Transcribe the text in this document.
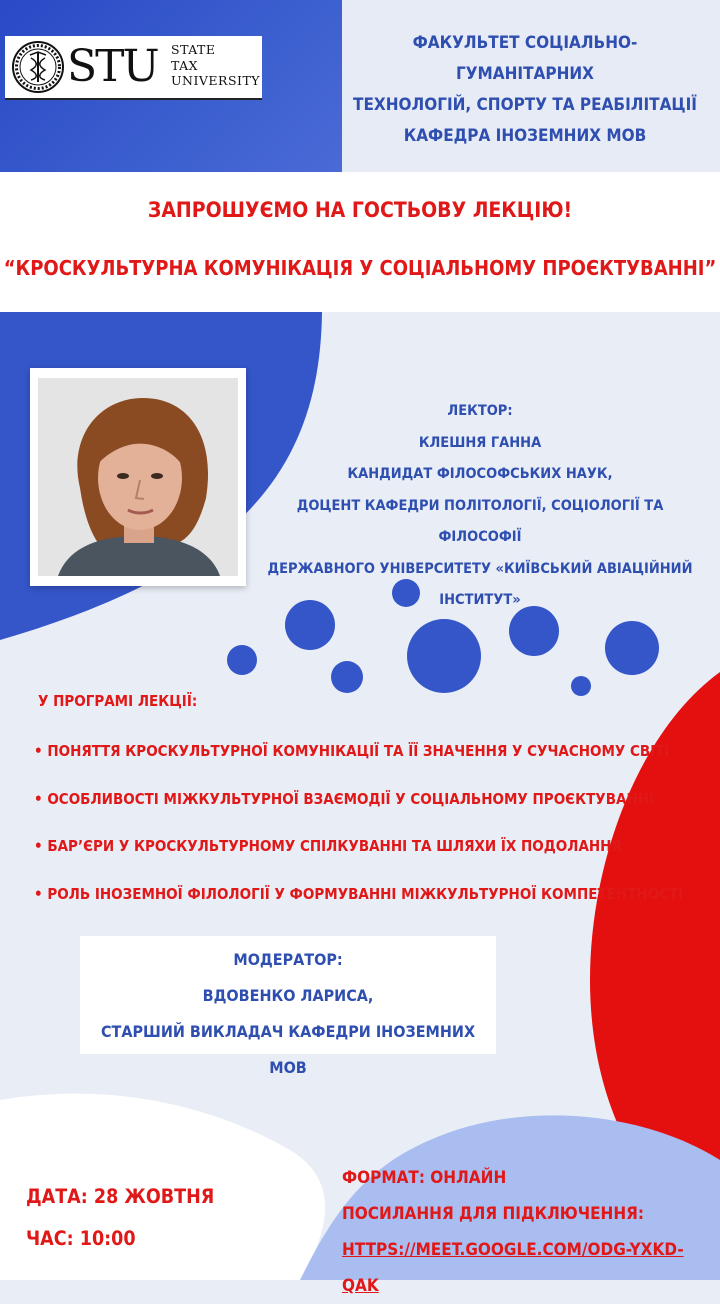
STU STATE
TAX
UNIVERSITY
ФАКУЛЬТЕТ СОЦІАЛЬНО-ГУМАНІТАРНИХ
ТЕХНОЛОГІЙ, СПОРТУ ТА РЕАБІЛІТАЦІЇ
КАФЕДРА ІНОЗЕМНИХ МОВ
ЗАПРОШУЄМО НА ГОСТЬОВУ ЛЕКЦІЮ!
“КРОСКУЛЬТУРНА КОМУНІКАЦІЯ У СОЦІАЛЬНОМУ ПРОЄКТУВАННІ”
ЛЕКТОР:
КЛЕШНЯ ГАННА
КАНДИДАТ ФІЛОСОФСЬКИХ НАУК,
ДОЦЕНТ КАФЕДРИ ПОЛІТОЛОГІЇ, СОЦІОЛОГІЇ ТА ФІЛОСОФІЇ
ДЕРЖАВНОГО УНІВЕРСИТЕТУ «КИЇВСЬКИЙ АВІАЦІЙНИЙ ІНСТИТУТ»
У ПРОГРАМІ ЛЕКЦІЇ:
• ПОНЯТТЯ КРОСКУЛЬТУРНОЇ КОМУНІКАЦІЇ ТА ЇЇ ЗНАЧЕННЯ У СУЧАСНОМУ СВІТІ
• ОСОБЛИВОСТІ МІЖКУЛЬТУРНОЇ ВЗАЄМОДІЇ У СОЦІАЛЬНОМУ ПРОЄКТУВАННІ
• БАР’ЄРИ У КРОСКУЛЬТУРНОМУ СПІЛКУВАННІ ТА ШЛЯХИ ЇХ ПОДОЛАННЯ
• РОЛЬ ІНОЗЕМНОЇ ФІЛОЛОГІЇ У ФОРМУВАННІ МІЖКУЛЬТУРНОЇ КОМПЕТЕНТНОСТІ
МОДЕРАТОР:
ВДОВЕНКО ЛАРИСА,
СТАРШИЙ ВИКЛАДАЧ КАФЕДРИ ІНОЗЕМНИХ МОВ
ДАТА: 28 ЖОВТНЯ
ЧАС: 10:00
ФОРМАТ: ОНЛАЙН
ПОСИЛАННЯ ДЛЯ ПІДКЛЮЧЕННЯ:
HTTPS://MEET.GOOGLE.COM/ODG-YXKD-QAK
